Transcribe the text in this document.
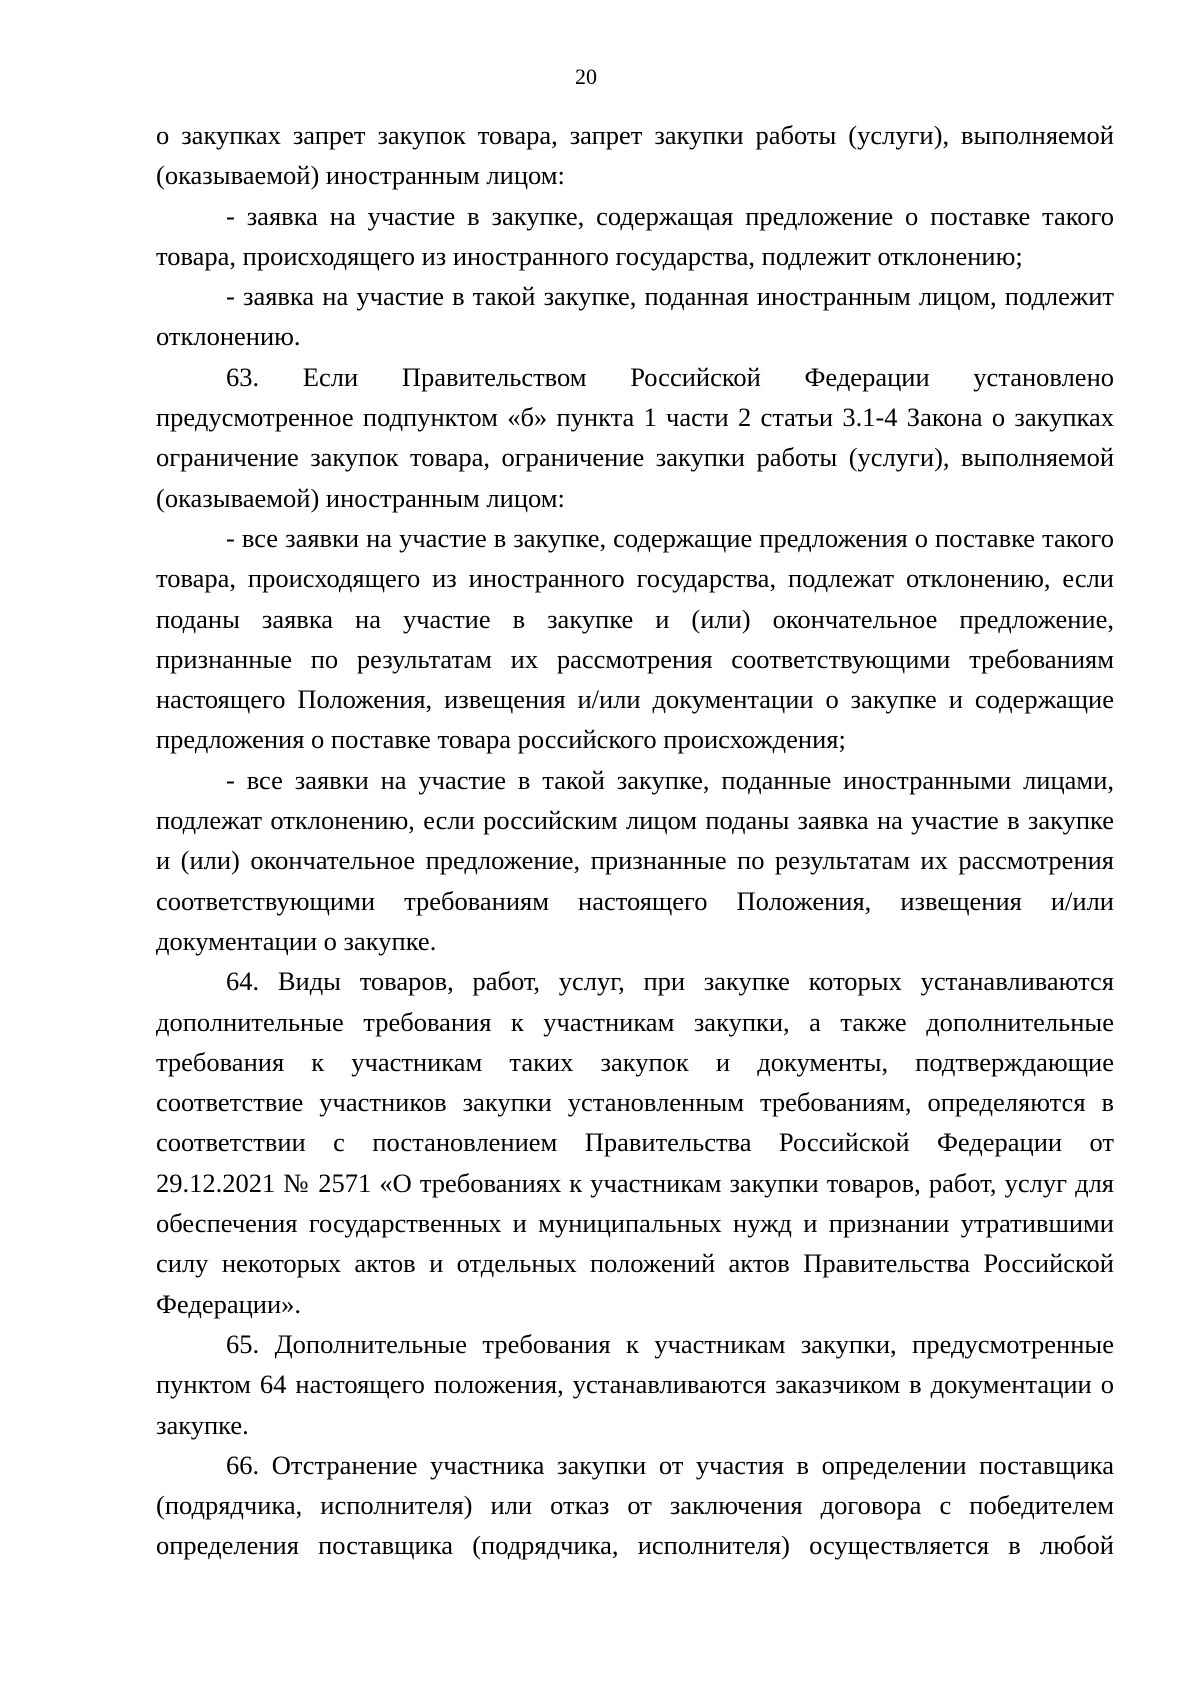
20

о закупках запрет закупок товара, запрет закупки работы (услуги), выполняемой (оказываемой) иностранным лицом:

- заявка на участие в закупке, содержащая предложение о поставке такого товара, происходящего из иностранного государства, подлежит отклонению;

- заявка на участие в такой закупке, поданная иностранным лицом, подлежит отклонению.

63. Если Правительством Российской Федерации установлено предусмотренное подпунктом «б» пункта 1 части 2 статьи 3.1-4 Закона о закупках ограничение закупок товара, ограничение закупки работы (услуги), выполняемой (оказываемой) иностранным лицом:

- все заявки на участие в закупке, содержащие предложения о поставке такого товара, происходящего из иностранного государства, подлежат отклонению, если поданы заявка на участие в закупке и (или) окончательное предложение, признанные по результатам их рассмотрения соответствующими требованиям настоящего Положения, извещения и/или документации о закупке и содержащие предложения о поставке товара российского происхождения;

- все заявки на участие в такой закупке, поданные иностранными лицами, подлежат отклонению, если российским лицом поданы заявка на участие в закупке и (или) окончательное предложение, признанные по результатам их рассмотрения соответствующими требованиям настоящего Положения, извещения и/или документации о закупке.

64. Виды товаров, работ, услуг, при закупке которых устанавливаются дополнительные требования к участникам закупки, а также дополнительные требования к участникам таких закупок и документы, подтверждающие соответствие участников закупки установленным требованиям, определяются в соответствии с постановлением Правительства Российской Федерации от 29.12.2021 № 2571 «О требованиях к участникам закупки товаров, работ, услуг для обеспечения государственных и муниципальных нужд и признании утратившими силу некоторых актов и отдельных положений актов Правительства Российской Федерации».

65. Дополнительные требования к участникам закупки, предусмотренные пунктом 64 настоящего положения, устанавливаются заказчиком в документации о закупке.

66. Отстранение участника закупки от участия в определении поставщика (подрядчика, исполнителя) или отказ от заключения договора с победителем определения поставщика (подрядчика, исполнителя) осуществляется в любой
